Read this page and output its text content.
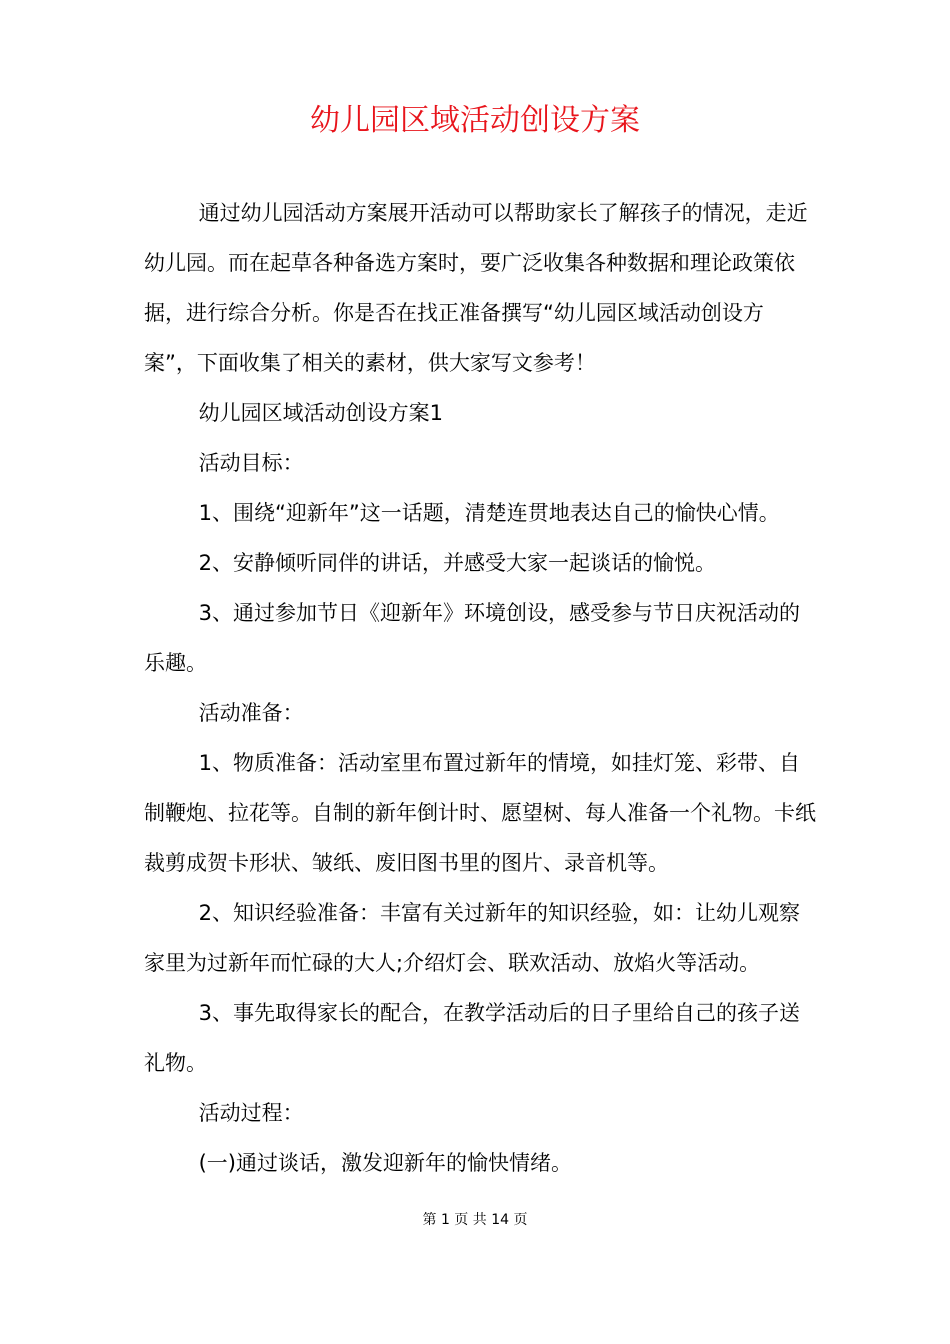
幼儿园区域活动创设方案

通过幼儿园活动方案展开活动可以帮助家长了解孩子的情况，走近幼儿园。而在起草各种备选方案时，要广泛收集各种数据和理论政策依据，进行综合分析。你是否在找正准备撰写“幼儿园区域活动创设方案”，下面收集了相关的素材，供大家写文参考！

幼儿园区域活动创设方案1

活动目标：

1、围绕“迎新年”这一话题，清楚连贯地表达自己的愉快心情。

2、安静倾听同伴的讲话，并感受大家一起谈话的愉悦。

3、通过参加节日《迎新年》环境创设，感受参与节日庆祝活动的乐趣。

活动准备：

1、物质准备：活动室里布置过新年的情境，如挂灯笼、彩带、自制鞭炮、拉花等。自制的新年倒计时、愿望树、每人准备一个礼物。卡纸裁剪成贺卡形状、皱纸、废旧图书里的图片、录音机等。

2、知识经验准备：丰富有关过新年的知识经验，如：让幼儿观察家里为过新年而忙碌的大人;介绍灯会、联欢活动、放焰火等活动。

3、事先取得家长的配合，在教学活动后的日子里给自己的孩子送礼物。

活动过程：

(一)通过谈话，激发迎新年的愉快情绪。

第 1 页 共 14 页
